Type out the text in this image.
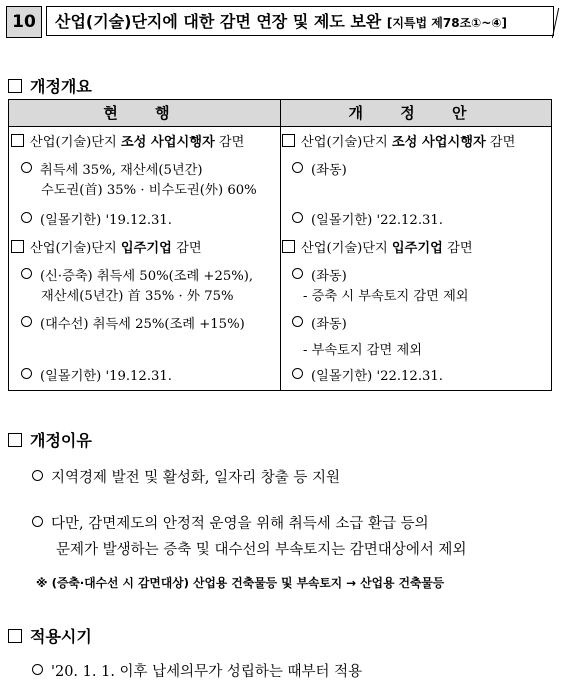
10	산업(기술)단지에 대한 감면 연장 및 제도 보완 [지특법 제78조①~④]
개정개요
현 행	개 정 안
산업(기술)단지 조성 사업시행자 감면
취득세 35%, 재산세(5년간)
수도권(首) 35% · 비수도권(外) 60%
(일몰기한) '19.12.31.
산업(기술)단지 입주기업 감면
(신·증축) 취득세 50%(조례 +25%),
재산세(5년간) 首 35% · 外 75%
(대수선) 취득세 25%(조례 +15%)
(일몰기한) '19.12.31.
산업(기술)단지 조성 사업시행자 감면
(좌동)
(일몰기한) '22.12.31.
산업(기술)단지 입주기업 감면
(좌동)
- 증축 시 부속토지 감면 제외
(좌동)
- 부속토지 감면 제외
(일몰기한) '22.12.31.
개정이유
지역경제 발전 및 활성화, 일자리 창출 등 지원
다만, 감면제도의 안정적 운영을 위해 취득세 소급 환급 등의
문제가 발생하는 증축 및 대수선의 부속토지는 감면대상에서 제외
※ (증축·대수선 시 감면대상) 산업용 건축물등 및 부속토지 → 산업용 건축물등
적용시기
'20. 1. 1. 이후 납세의무가 성립하는 때부터 적용
